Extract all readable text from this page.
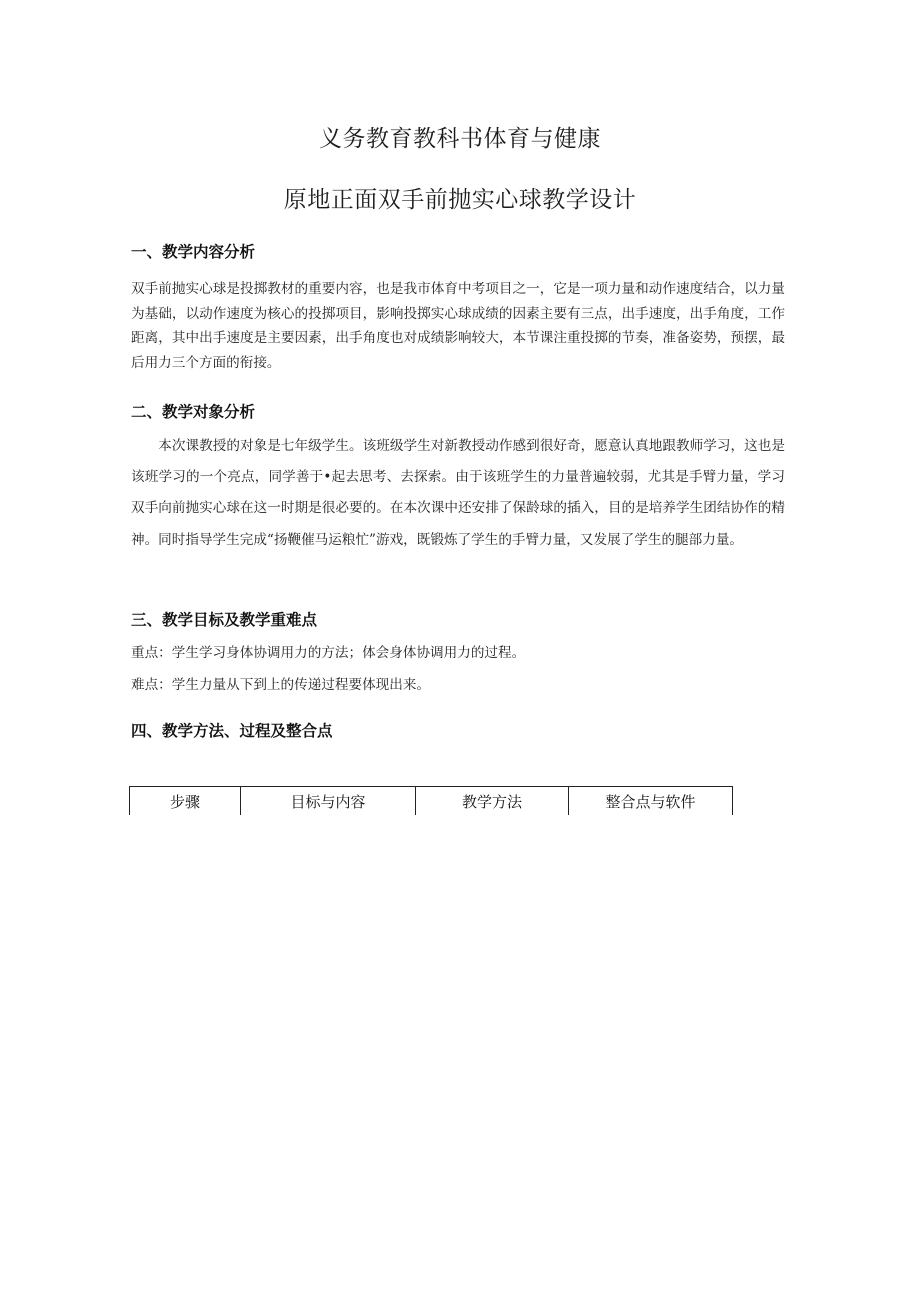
义务教育教科书体育与健康
原地正面双手前抛实心球教学设计
一、教学内容分析
双手前抛实心球是投掷教材的重要内容，也是我市体育中考项目之一，它是一项力量和动作速度结合，以力量为基础，以动作速度为核心的投掷项目，影响投掷实心球成绩的因素主要有三点，出手速度，出手角度，工作距离，其中出手速度是主要因素，出手角度也对成绩影响较大，本节课注重投掷的节奏，准备姿势，预摆，最后用力三个方面的衔接。
二、教学对象分析
本次课教授的对象是七年级学生。该班级学生对新教授动作感到很好奇，愿意认真地跟教师学习，这也是该班学习的一个亮点，同学善于•起去思考、去探索。由于该班学生的力量普遍较弱，尤其是手臂力量，学习双手向前抛实心球在这一时期是很必要的。在本次课中还安排了保龄球的插入，目的是培养学生团结协作的精神。同时指导学生完成“扬鞭催马运粮忙”游戏，既锻炼了学生的手臂力量，又发展了学生的腿部力量。
三、教学目标及教学重难点
重点：学生学习身体协调用力的方法；体会身体协调用力的过程。
难点：学生力量从下到上的传递过程要体现出来。
四、教学方法、过程及整合点
步骤	目标与内容	教学方法	整合点与软件
